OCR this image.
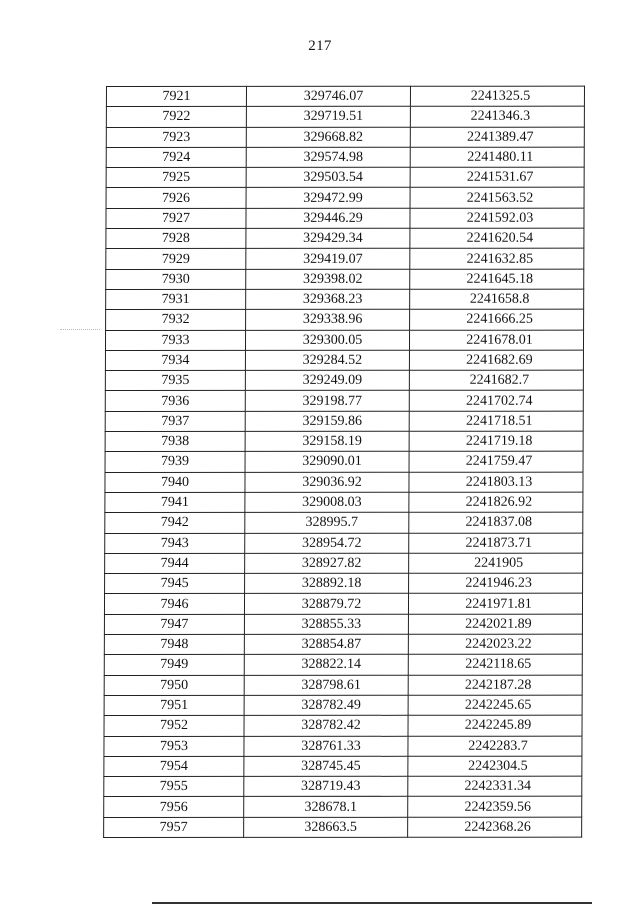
217
7921	329746.07	2241325.5
7922	329719.51	2241346.3
7923	329668.82	2241389.47
7924	329574.98	2241480.11
7925	329503.54	2241531.67
7926	329472.99	2241563.52
7927	329446.29	2241592.03
7928	329429.34	2241620.54
7929	329419.07	2241632.85
7930	329398.02	2241645.18
7931	329368.23	2241658.8
7932	329338.96	2241666.25
7933	329300.05	2241678.01
7934	329284.52	2241682.69
7935	329249.09	2241682.7
7936	329198.77	2241702.74
7937	329159.86	2241718.51
7938	329158.19	2241719.18
7939	329090.01	2241759.47
7940	329036.92	2241803.13
7941	329008.03	2241826.92
7942	328995.7	2241837.08
7943	328954.72	2241873.71
7944	328927.82	2241905
7945	328892.18	2241946.23
7946	328879.72	2241971.81
7947	328855.33	2242021.89
7948	328854.87	2242023.22
7949	328822.14	2242118.65
7950	328798.61	2242187.28
7951	328782.49	2242245.65
7952	328782.42	2242245.89
7953	328761.33	2242283.7
7954	328745.45	2242304.5
7955	328719.43	2242331.34
7956	328678.1	2242359.56
7957	328663.5	2242368.26
